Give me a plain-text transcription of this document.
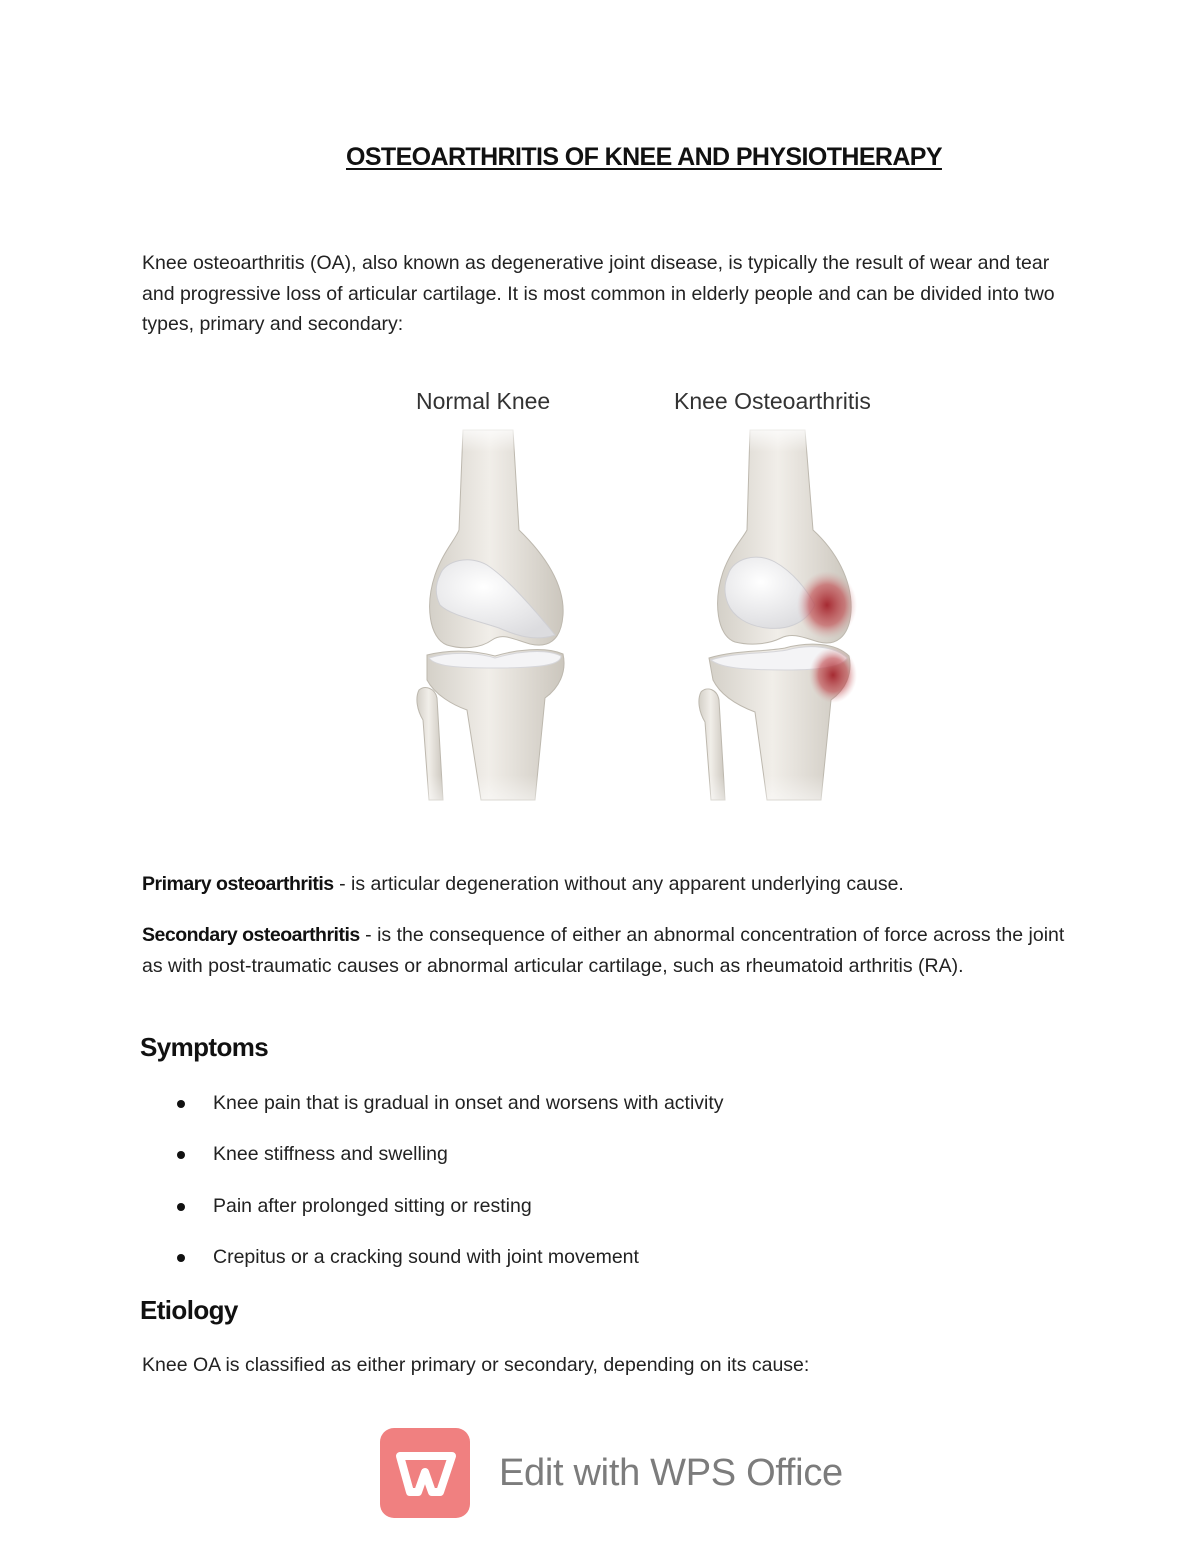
OSTEOARTHRITIS OF KNEE AND PHYSIOTHERAPY

Knee osteoarthritis (OA), also known as degenerative joint disease, is typically the result of wear and tear and progressive loss of articular cartilage. It is most common in elderly people and can be divided into two types, primary and secondary:

Normal Knee	Knee Osteoarthritis

Primary osteoarthritis - is articular degeneration without any apparent underlying cause.

Secondary osteoarthritis - is the consequence of either an abnormal concentration of force across the joint as with post-traumatic causes or abnormal articular cartilage, such as rheumatoid arthritis (RA).

Symptoms
Knee pain that is gradual in onset and worsens with activity
Knee stiffness and swelling
Pain after prolonged sitting or resting
Crepitus or a cracking sound with joint movement
Etiology

Knee OA is classified as either primary or secondary, depending on its cause:

Edit with WPS Office
